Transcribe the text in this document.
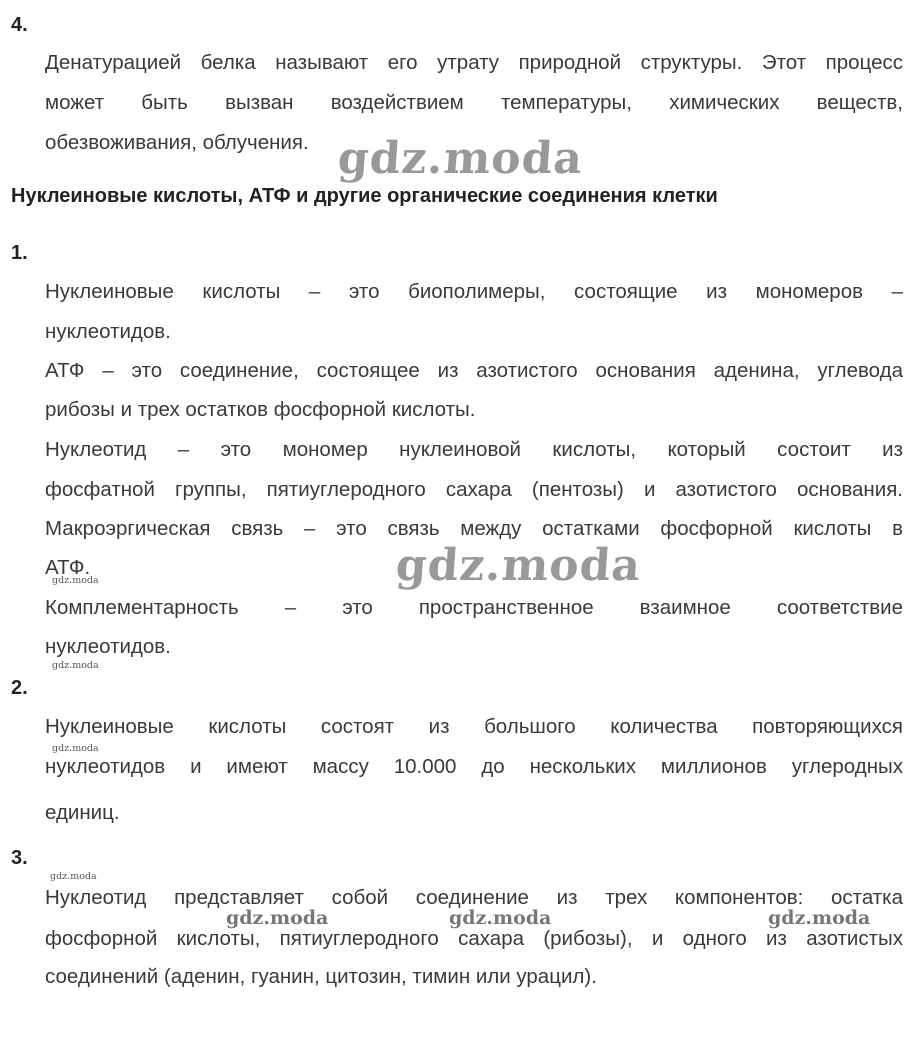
4.
Денатурацией белка называют его утрату природной структуры. Этот процесс
может быть вызван воздействием температуры, химических веществ,
обезвоживания, облучения.
Нуклеиновые кислоты, АТФ и другие органические соединения клетки
1.
Нуклеиновые кислоты – это биополимеры, состоящие из мономеров –
нуклеотидов.
АТФ – это соединение, состоящее из азотистого основания аденина, углевода
рибозы и трех остатков фосфорной кислоты.
Нуклеотид – это мономер нуклеиновой кислоты, который состоит из
фосфатной группы, пятиуглеродного сахара (пентозы) и азотистого основания.
Макроэргическая связь – это связь между остатками фосфорной кислоты в
АТФ.
Комплементарность – это пространственное взаимное соответствие
нуклеотидов.
2.
Нуклеиновые кислоты состоят из большого количества повторяющихся
нуклеотидов и имеют массу 10.000 до нескольких миллионов углеродных
единиц.
3.
Нуклеотид представляет собой соединение из трех компонентов: остатка
фосфорной кислоты, пятиуглеродного сахара (рибозы), и одного из азотистых
соединений (аденин, гуанин, цитозин, тимин или урацил).
gdz.moda
gdz.moda
gdz.moda	gdz.moda	gdz.moda
gdz.moda
gdz.moda
gdz.moda
gdz.moda
